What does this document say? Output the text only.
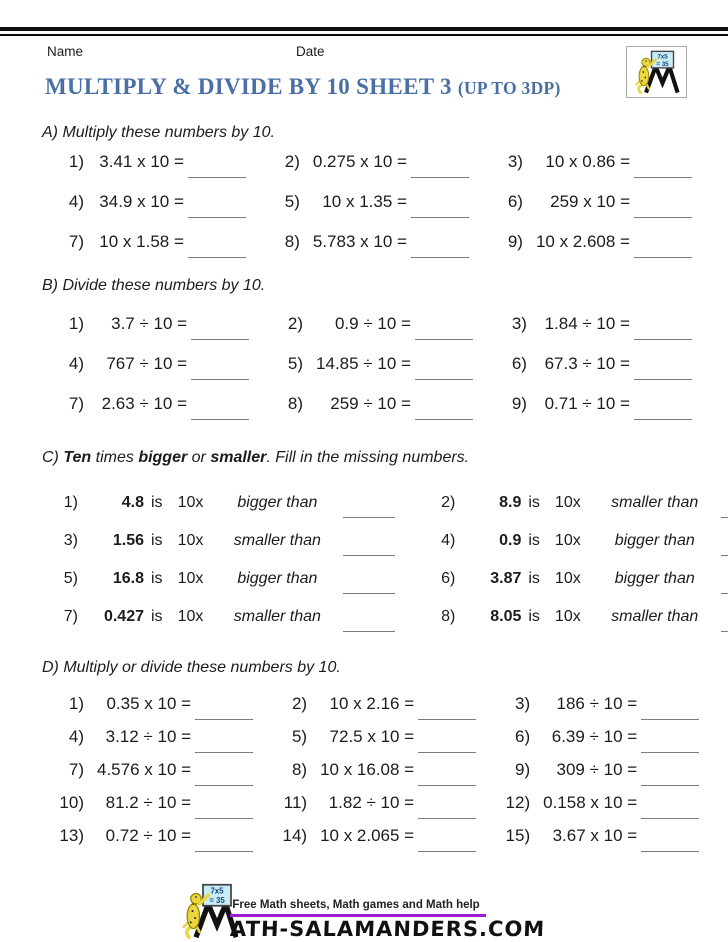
Name	Date
MULTIPLY & DIVIDE BY 10 SHEET 3 (UP TO 3DP)
A) Multiply these numbers by 10.
1) 3.41 x 10 =	2) 0.275 x 10 =	3)	10 x 0.86 =
4) 34.9 x 10 =	5)	10 x 1.35 =	6)	259 x 10 =
7) 10 x 1.58 =	8) 5.783 x 10 =	9) 10 x 2.608 =
B) Divide these numbers by 10.
1)	3.7 ÷ 10 =	2)	0.9 ÷ 10 =	3)	1.84 ÷ 10 =
4)	767 ÷ 10 =	5) 14.85 ÷ 10 =	6)	67.3 ÷ 10 =
7)	2.63 ÷ 10 =	8)	259 ÷ 10 =	9)	0.71 ÷ 10 =
C) Ten times bigger or smaller. Fill in the missing numbers.
1)	4.8 is 10x	bigger than	2)	8.9 is 10x	smaller than
3)	1.56 is 10x	smaller than	4)	0.9 is 10x	bigger than
5)	16.8 is 10x	bigger than	6)	3.87 is 10x	bigger than
7)	0.427 is 10x	smaller than	8)	8.05 is 10x	smaller than
D) Multiply or divide these numbers by 10.
1)	0.35 x 10 =	2)	10 x 2.16 =	3)	186 ÷ 10 =
4)	3.12 ÷ 10 =	5)	72.5 x 10 =	6)	6.39 ÷ 10 =
7) 4.576 x 10 =	8) 10 x 16.08 =	9)	309 ÷ 10 =
10)	81.2 ÷ 10 =	11)	1.82 ÷ 10 =	12) 0.158 x 10 =
13)	0.72 ÷ 10 =	14) 10 x 2.065 =	15)	3.67 x 10 =
Free Math sheets, Math games and Math help
ATH-SALAMANDERS.COM
